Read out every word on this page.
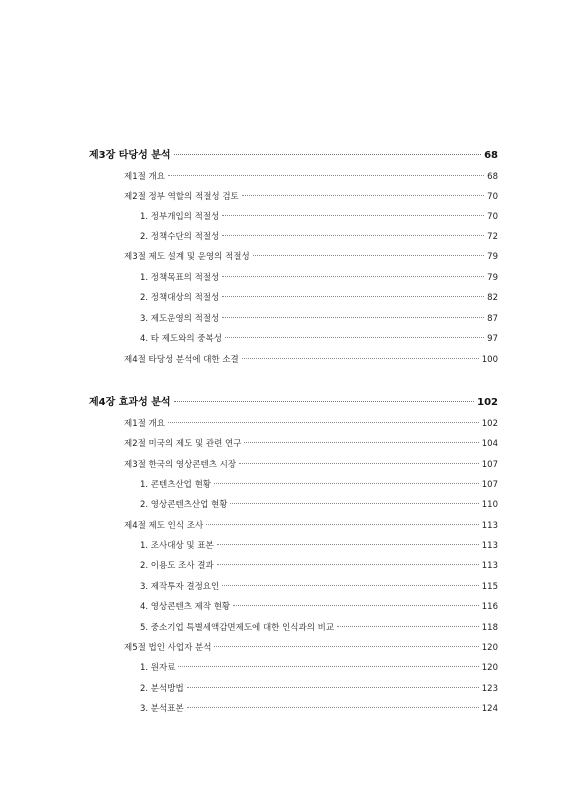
제3장 타당성 분석	68
제1절 개요	68
제2절 정부 역할의 적절성 검토	70
1. 정부개입의 적절성	70
2. 정책수단의 적절성	72
제3절 제도 설계 및 운영의 적절성	79
1. 정책목표의 적절성	79
2. 정책대상의 적절성	82
3. 제도운영의 적절성	87
4. 타 제도와의 중복성	97
제4절 타당성 분석에 대한 소결	100
제4장 효과성 분석	102
제1절 개요	102
제2절 미국의 제도 및 관련 연구	104
제3절 한국의 영상콘텐츠 시장	107
1. 콘텐츠산업 현황	107
2. 영상콘텐츠산업 현황	110
제4절 제도 인식 조사	113
1. 조사대상 및 표본	113
2. 이용도 조사 결과	113
3. 제작투자 결정요인	115
4. 영상콘텐츠 제작 현황	116
5. 중소기업 특별세액감면제도에 대한 인식과의 비교	118
제5절 법인 사업자 분석	120
1. 원자료	120
2. 분석방법	123
3. 분석표본	124
